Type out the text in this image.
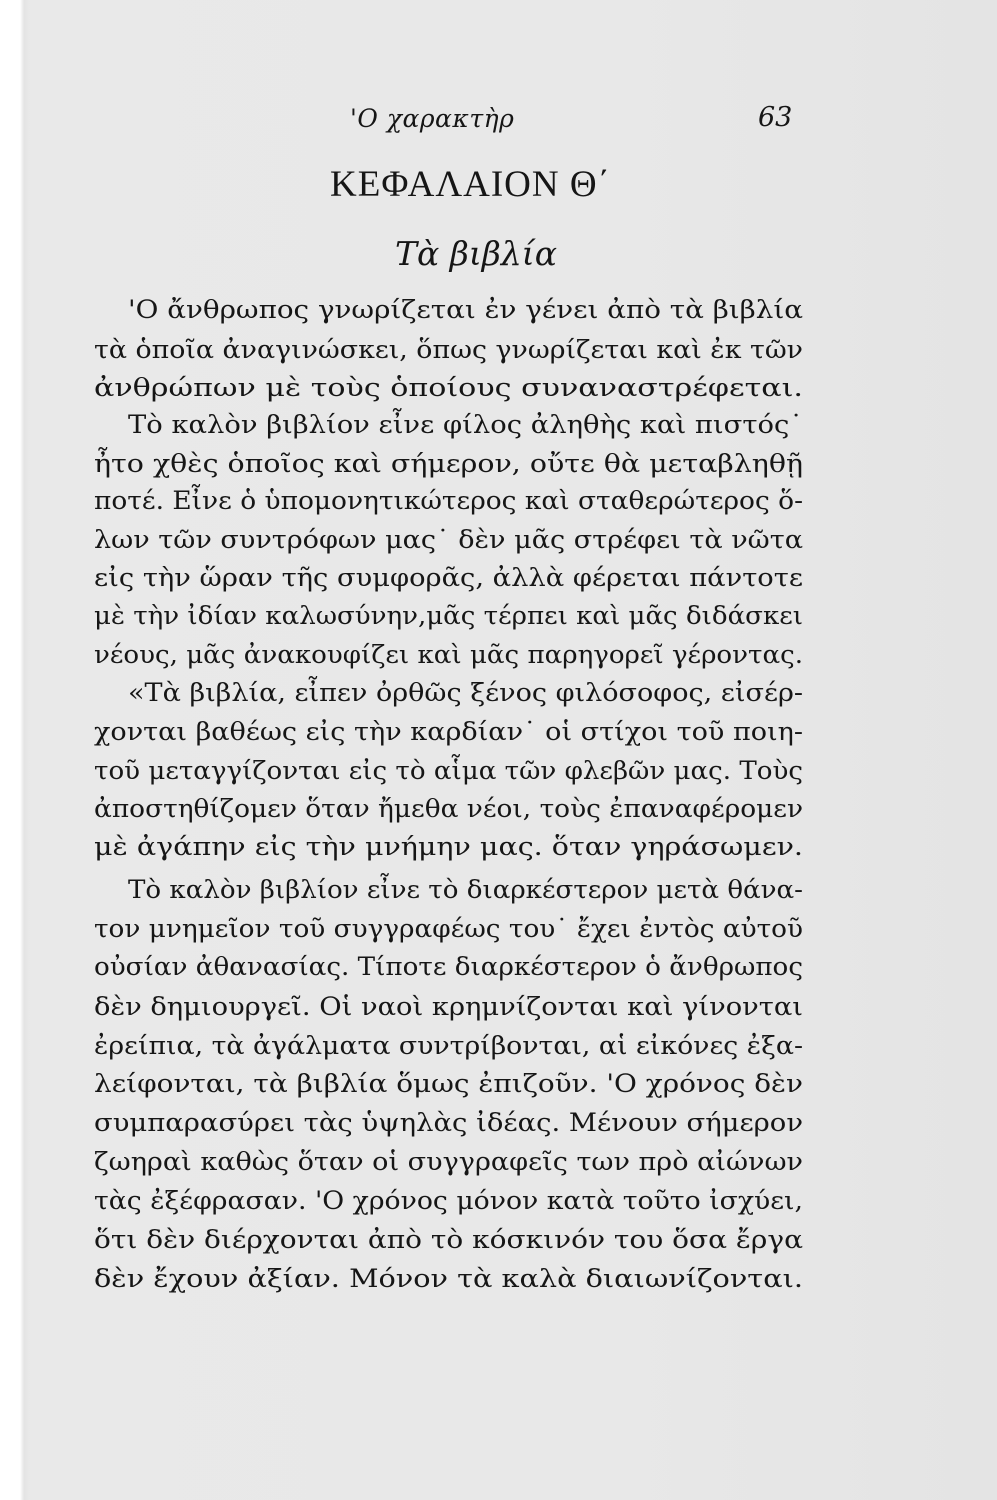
'Ο χαρακτὴρ	63
ΚΕΦΑΛΑΙΟΝ Θ΄
Τὰ βιβλία
'Ο ἄνθρωπος γνωρίζεται ἐν γένει ἀπὸ τὰ βιβλία
τὰ ὁποῖα ἀναγινώσκει, ὅπως γνωρίζεται καὶ ἐκ τῶν
ἀνθρώπων μὲ τοὺς ὁποίους συναναστρέφεται.
Τὸ καλὸν βιβλίον εἶνε φίλος ἀληθὴς καὶ πιστός˙
ἦτο χθὲς ὁποῖος καὶ σήμερον, οὔτε θὰ μεταβληθῇ
ποτέ. Εἶνε ὁ ὑπομονητικώτερος καὶ σταθερώτερος ὅ-
λων τῶν συντρόφων μας˙ δὲν μᾶς στρέφει τὰ νῶτα
εἰς τὴν ὥραν τῆς συμφορᾶς, ἀλλὰ φέρεται πάντοτε
μὲ τὴν ἰδίαν καλωσύνην,μᾶς τέρπει καὶ μᾶς διδάσκει
νέους, μᾶς ἀνακουφίζει καὶ μᾶς παρηγορεῖ γέροντας.
«Τὰ βιβλία, εἶπεν ὀρθῶς ξένος φιλόσοφος, εἰσέρ-
χονται βαθέως εἰς τὴν καρδίαν˙ οἱ στίχοι τοῦ ποιη-
τοῦ μεταγγίζονται εἰς τὸ αἷμα τῶν φλεβῶν μας. Τοὺς
ἀποστηθίζομεν ὅταν ἤμεθα νέοι, τοὺς ἐπαναφέρομεν
μὲ ἀγάπην εἰς τὴν μνήμην μας. ὅταν γηράσωμεν.
Τὸ καλὸν βιβλίον εἶνε τὸ διαρκέστερον μετὰ θάνα-
τον μνημεῖον τοῦ συγγραφέως του˙ ἔχει ἐντὸς αὐτοῦ
οὐσίαν ἀθανασίας. Τίποτε διαρκέστερον ὁ ἄνθρωπος
δὲν δημιουργεῖ. Οἱ ναοὶ κρημνίζονται καὶ γίνονται
ἐρείπια, τὰ ἀγάλματα συντρίβονται, αἱ εἰκόνες ἐξα-
λείφονται, τὰ βιβλία ὅμως ἐπιζοῦν. 'Ο χρόνος δὲν
συμπαρασύρει τὰς ὑψηλὰς ἰδέας. Μένουν σήμερον
ζωηραὶ καθὼς ὅταν οἱ συγγραφεῖς των πρὸ αἰώνων
τὰς ἐξέφρασαν. 'Ο χρόνος μόνον κατὰ τοῦτο ἰσχύει,
ὅτι δὲν διέρχονται ἀπὸ τὸ κόσκινόν του ὅσα ἔργα
δὲν ἔχουν ἀξίαν. Μόνον τὰ καλὰ διαιωνίζονται.
